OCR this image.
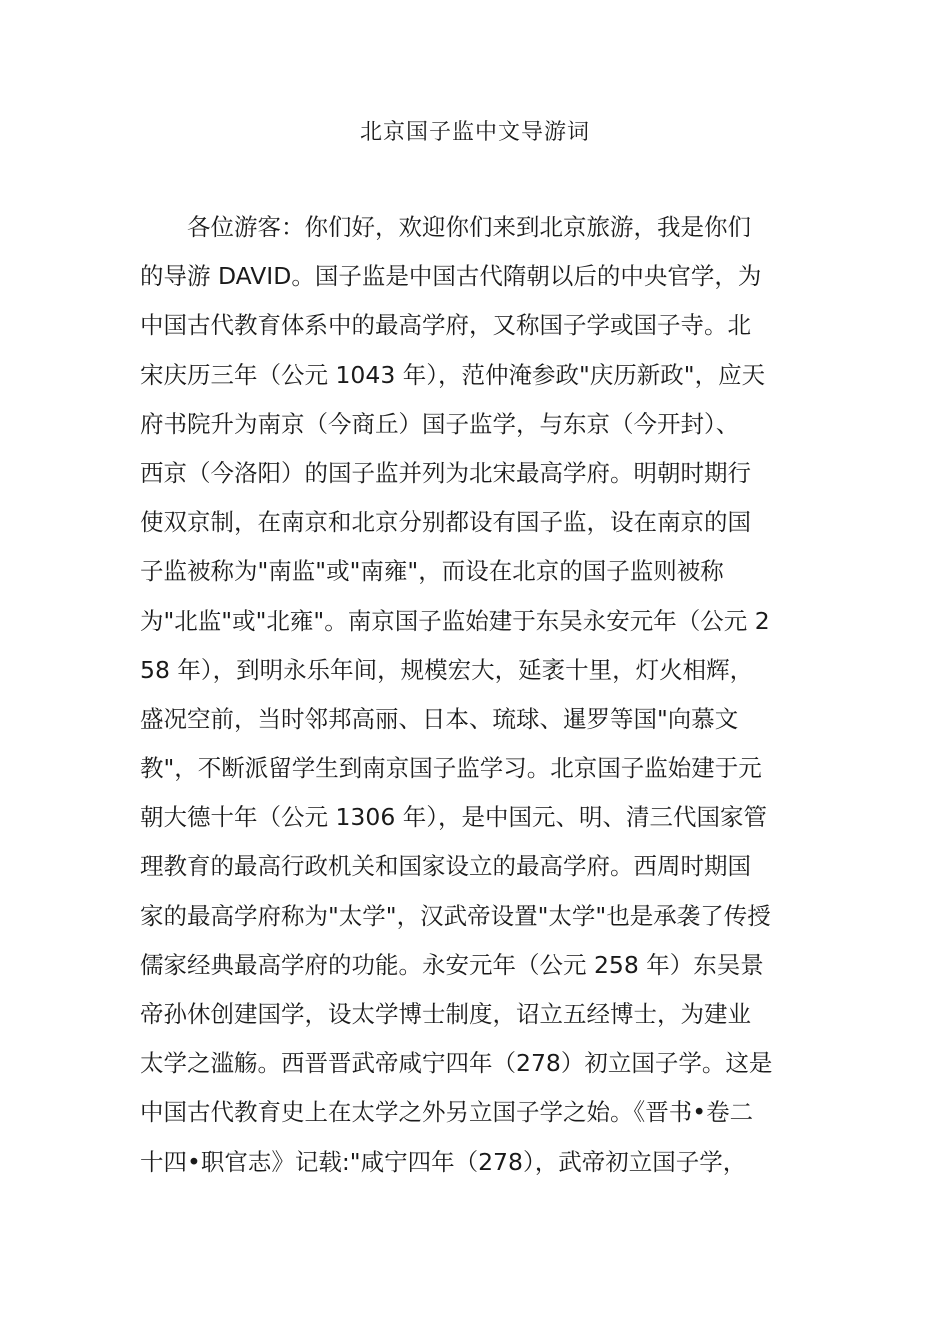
北京国子监中文导游词
各位游客：你们好，欢迎你们来到北京旅游，我是你们
的导游 DAVID。国子监是中国古代隋朝以后的中央官学，为
中国古代教育体系中的最高学府，又称国子学或国子寺。北
宋庆历三年（公元 1043 年），范仲淹参政"庆历新政"，应天
府书院升为南京（今商丘）国子监学，与东京（今开封）、
西京（今洛阳）的国子监并列为北宋最高学府。明朝时期行
使双京制，在南京和北京分别都设有国子监，设在南京的国
子监被称为"南监"或"南雍"，而设在北京的国子监则被称
为"北监"或"北雍"。南京国子监始建于东吴永安元年（公元 2
58 年），到明永乐年间，规模宏大，延袤十里，灯火相辉，
盛况空前，当时邻邦高丽、日本、琉球、暹罗等国"向慕文
教"，不断派留学生到南京国子监学习。北京国子监始建于元
朝大德十年（公元 1306 年），是中国元、明、清三代国家管
理教育的最高行政机关和国家设立的最高学府。西周时期国
家的最高学府称为"太学"，汉武帝设置"太学"也是承袭了传授
儒家经典最高学府的功能。永安元年（公元 258 年）东吴景
帝孙休创建国学，设太学博士制度，诏立五经博士，为建业
太学之滥觞。西晋晋武帝咸宁四年（278）初立国子学。这是
中国古代教育史上在太学之外另立国子学之始。《晋书•卷二
十四•职官志》记载:"咸宁四年（278），武帝初立国子学，
